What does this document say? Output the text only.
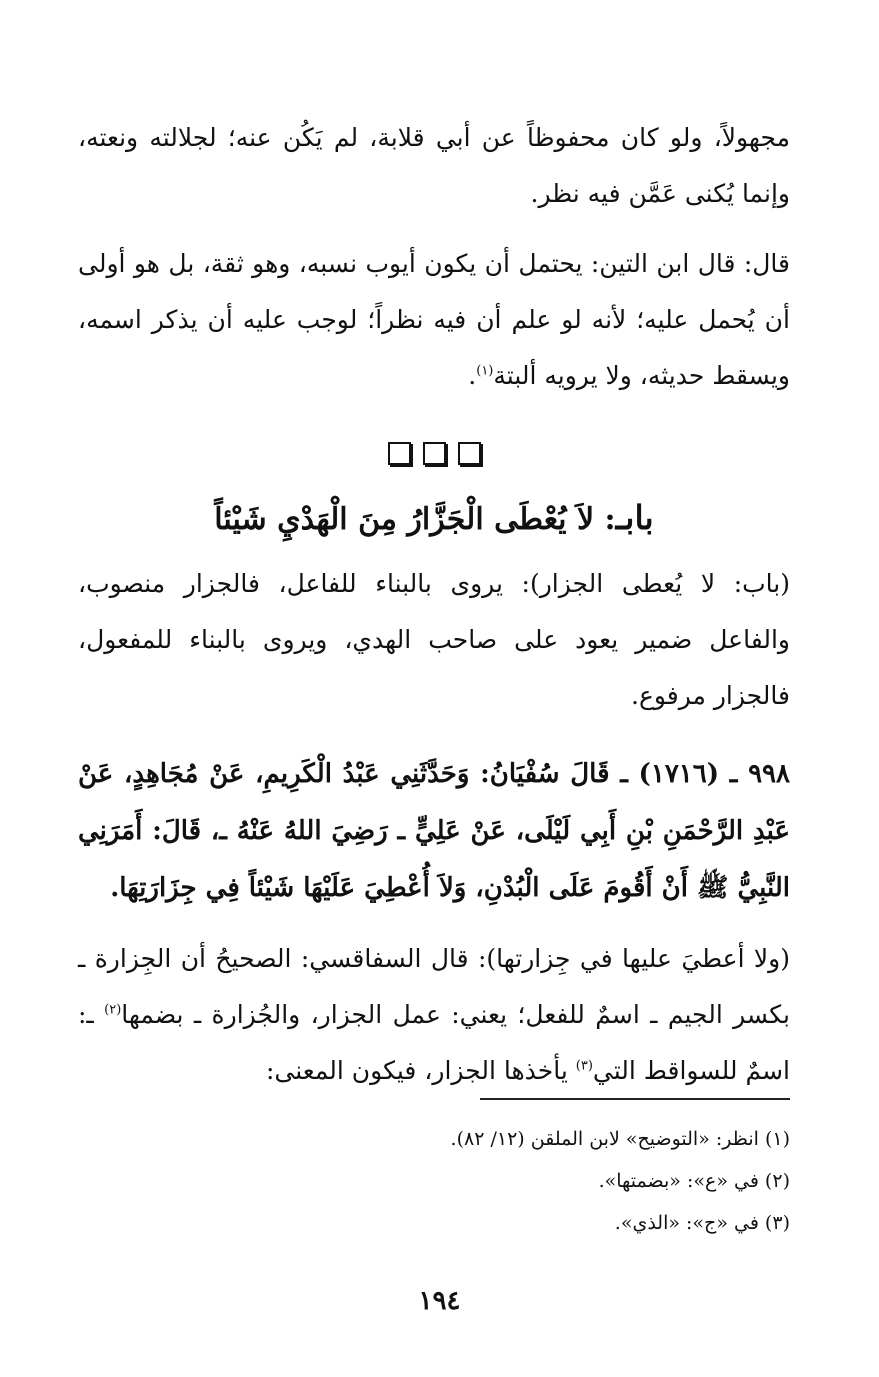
مجهولاً، ولو كان محفوظاً عن أبي قلابة، لم يَكُن عنه؛ لجلالته ونعته، وإنما يُكنى عَمَّن فيه نظر.

قال: قال ابن التين: يحتمل أن يكون أيوب نسبه، وهو ثقة، بل هو أولى أن يُحمل عليه؛ لأنه لو علم أن فيه نظراً؛ لوجب عليه أن يذكر اسمه، ويسقط حديثه، ولا يرويه ألبتة$^{(١)}$.

بابـ: لاَ يُعْطَى الْجَزَّارُ مِنَ الْهَدْيِ شَيْئاً

(باب: لا يُعطى الجزار): يروى بالبناء للفاعل، فالجزار منصوب، والفاعل ضمير يعود على صاحب الهدي، ويروى بالبناء للمفعول، فالجزار مرفوع.

٩٩٨ ـ (١٧١٦) ـ قَالَ سُفْيَانُ: وَحَدَّثَنِي عَبْدُ الْكَرِيمِ، عَنْ مُجَاهِدٍ، عَنْ عَبْدِ الرَّحْمَنِ بْنِ أَبِي لَيْلَى، عَنْ عَلِيٍّ ـ رَضِيَ اللهُ عَنْهُ ـ، قَالَ: أَمَرَنِي النَّبِيُّ ﷺ أَنْ أَقُومَ عَلَى الْبُدْنِ، وَلاَ أُعْطِيَ عَلَيْهَا شَيْئاً فِي جِزَارَتِهَا.

(ولا أعطيَ عليها في جِزارتها): قال السفاقسي: الصحيحُ أن الجِزارة ـ بكسر الجيم ـ اسمٌ للفعل؛ يعني: عمل الجزار، والجُزارة ـ بضمها$^{(٢)}$ ـ: اسمٌ للسواقط التي$^{(٣)}$ يأخذها الجزار، فيكون المعنى:

(١) انظر: «التوضيح» لابن الملقن (١٢/ ٨٢).

(٢) في «ع»: «بضمتها».

(٣) في «ج»: «الذي».

١٩٤
